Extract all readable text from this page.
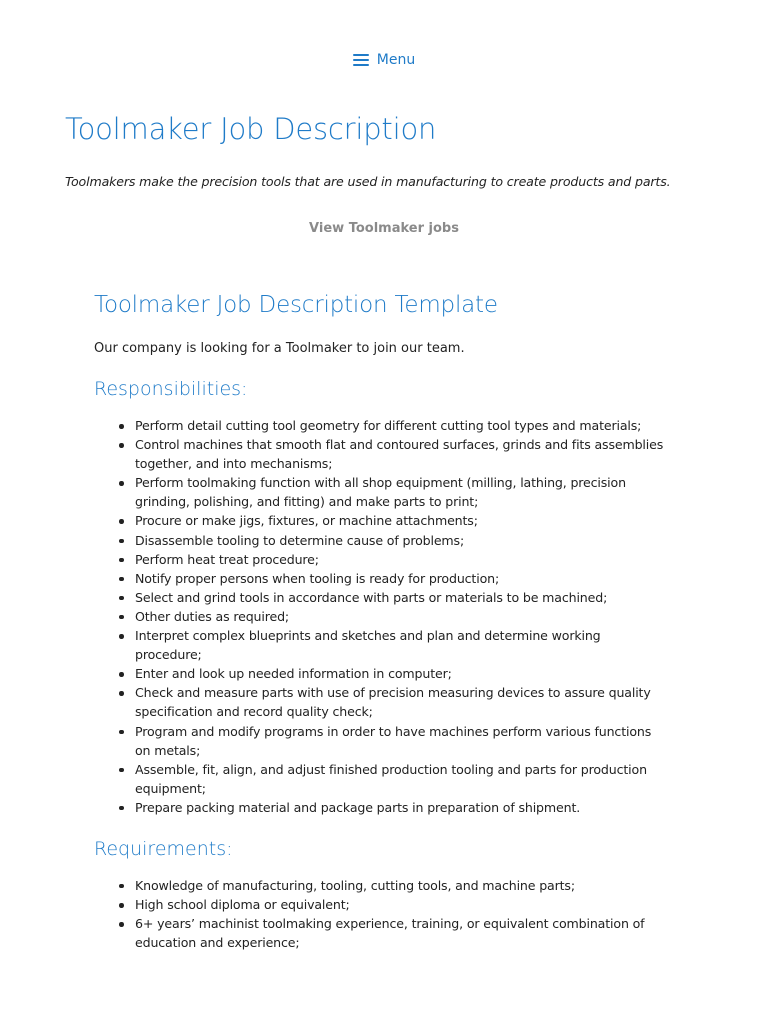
Menu
Toolmaker Job Description

Toolmakers make the precision tools that are used in manufacturing to create products and parts.

View Toolmaker jobs
Toolmaker Job Description Template

Our company is looking for a Toolmaker to join our team.

Responsibilities:
Perform detail cutting tool geometry for different cutting tool types and materials;
Control machines that smooth flat and contoured surfaces, grinds and fits assemblies together, and into mechanisms;
Perform toolmaking function with all shop equipment (milling, lathing, precision grinding, polishing, and fitting) and make parts to print;
Procure or make jigs, fixtures, or machine attachments;
Disassemble tooling to determine cause of problems;
Perform heat treat procedure;
Notify proper persons when tooling is ready for production;
Select and grind tools in accordance with parts or materials to be machined;
Other duties as required;
Interpret complex blueprints and sketches and plan and determine working procedure;
Enter and look up needed information in computer;
Check and measure parts with use of precision measuring devices to assure quality specification and record quality check;
Program and modify programs in order to have machines perform various functions on metals;
Assemble, fit, align, and adjust finished production tooling and parts for production equipment;
Prepare packing material and package parts in preparation of shipment.
Requirements:
Knowledge of manufacturing, tooling, cutting tools, and machine parts;
High school diploma or equivalent;
6+ years’ machinist toolmaking experience, training, or equivalent combination of education and experience;
